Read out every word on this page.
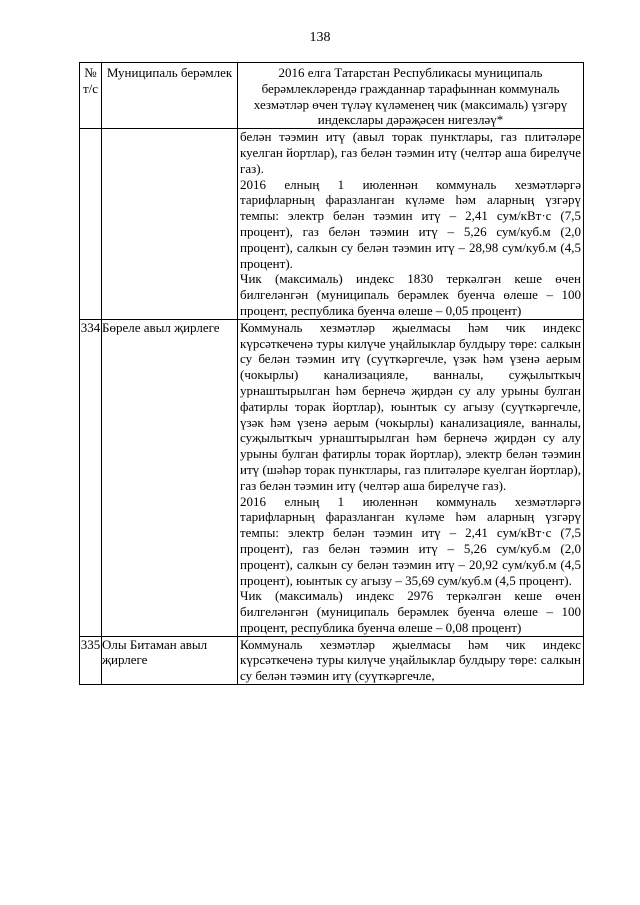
138
№ т/с	Муниципаль берәмлек	2016 елга Татарстан Республикасы муниципаль берәмлекләрендә гражданнар тарафыннан коммуналь хезмәтләр өчен түләү күләменең чик (максималь) үзгәрү индекслары дәрәҗәсен нигезләү*

		белән тәэмин итү (авыл торак пунктлары, газ плитәләре куелган йортлар), газ белән тәэмин итү (челтәр аша бирелүче газ).
2016 елның 1 июленнән коммуналь хезмәтләргә тарифларның фаразланган күләме һәм аларның үзгәрү темпы: электр белән тәэмин итү – 2,41 сум/кВт·с (7,5 процент), газ белән тәэмин итү – 5,26 сум/куб.м (2,0 процент), салкын су белән тәэмин итү – 28,98 сум/куб.м (4,5 процент).
Чик (максималь) индекс 1830 теркәлгән кеше өчен билгеләнгән (муниципаль берәмлек буенча өлеше – 100 процент, республика буенча өлеше – 0,05 процент)

334	Бөреле авыл җирлеге	Коммуналь хезмәтләр җыелмасы һәм чик индекс күрсәткеченә туры килүче уңайлыклар булдыру төре: салкын су белән тәэмин итү (суүткәргечле, үзәк һәм үзенә аерым (чокырлы) канализацияле, ванналы, суҗылыткыч урнаштырылган һәм бернечә җирдән су алу урыны булган фатирлы торак йортлар), юынтык су агызу (суүткәргечле, үзәк һәм үзенә аерым (чокырлы) канализацияле, ванналы, суҗылыткыч урнаштырылган һәм бернечә җирдән су алу урыны булган фатирлы торак йортлар), электр белән тәэмин итү (шәһәр торак пунктлары, газ плитәләре куелган йортлар), газ белән тәэмин итү (челтәр аша бирелүче газ).
2016 елның 1 июленнән коммуналь хезмәтләргә тарифларның фаразланган күләме һәм аларның үзгәрү темпы: электр белән тәэмин итү – 2,41 сум/кВт·с (7,5 процент), газ белән тәэмин итү – 5,26 сум/куб.м (2,0 процент), салкын су белән тәэмин итү – 20,92 сум/куб.м (4,5 процент), юынтык су агызу – 35,69 сум/куб.м (4,5 процент).
Чик (максималь) индекс 2976 теркәлгән кеше өчен билгеләнгән (муниципаль берәмлек буенча өлеше – 100 процент, республика буенча өлеше – 0,08 процент)

335	Олы Битаман авыл җирлеге	Коммуналь хезмәтләр җыелмасы һәм чик индекс күрсәткеченә туры килүче уңайлыклар булдыру төре: салкын су белән тәэмин итү (суүткәргечле,
